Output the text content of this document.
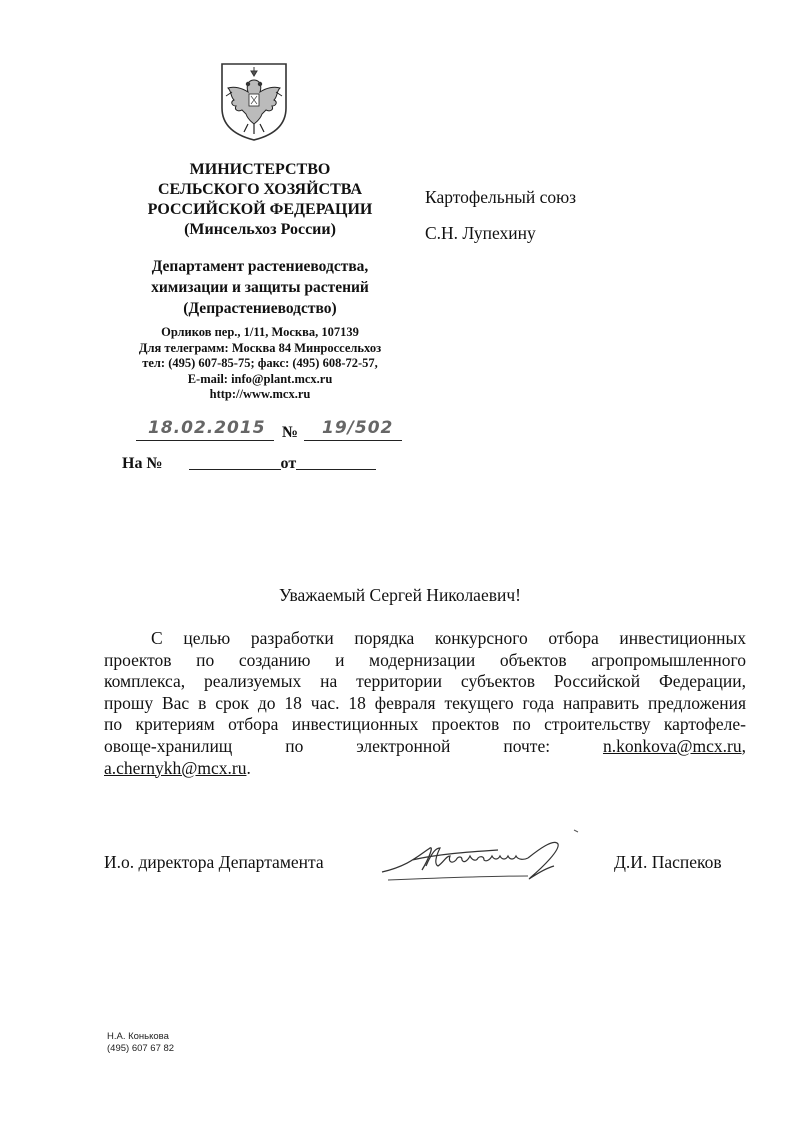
МИНИСТЕРСТВО
СЕЛЬСКОГО ХОЗЯЙСТВА
РОССИЙСКОЙ ФЕДЕРАЦИИ
(Минсельхоз России)
Департамент растениеводства,
химизации и защиты растений
(Депрастениеводство)
Орликов пер., 1/11, Москва, 107139
Для телеграмм: Москва 84 Минроссельхоз
тел: (495) 607-85-75; факс: (495) 608-72-57,
E-mail: info@plant.mcx.ru
http://www.mcx.ru
18.02.2015 № 19/502
На №	от
Картофельный союз
С.Н. Лупехину
Уважаемый Сергей Николаевич!
С целью разработки порядка конкурсного отбора инвестиционных
проектов по созданию и модернизации объектов агропромышленного
комплекса, реализуемых на территории субъектов Российской Федерации,
прошу Вас в срок до 18 час. 18 февраля текущего года направить предложения
по критериям отбора инвестиционных проектов по строительству картофеле-
овоще-хранилищ	по	электронной	почте:	n.konkova@mcx.ru,
a.chernykh@mcx.ru.
И.о. директора Департамента	Д.И. Паспеков
Н.А. Конькова
(495) 607 67 82
